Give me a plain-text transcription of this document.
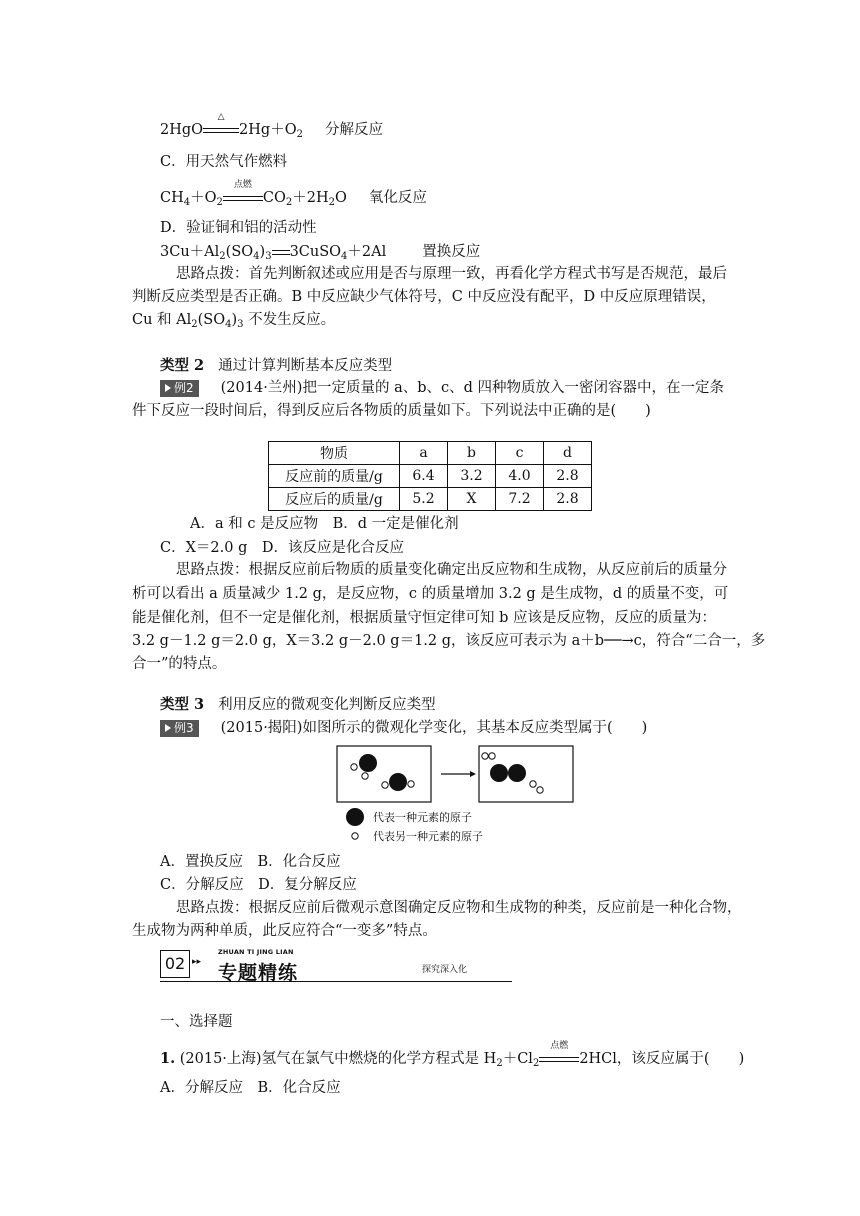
2HgO
△
$2Hg+O_2$ 分解反应
C．用天然气作燃料
$CH_4+O_2$
点燃
$CO_2+2H_2O$ 氧化反应
D．验证铜和铝的活动性
$3Cu+Al_2(SO_4)_3$ 3CuSO$_4$＋2Al 置换反应
思路点拨：首先判断叙述或应用是否与原理一致，再看化学方程式书写是否规范，最后
判断反应类型是否正确。B 中反应缺少气体符号，C 中反应没有配平，D 中反应原理错误，
Cu 和 $Al_2(SO_4)_3$ 不发生反应。
类型 2 通过计算判断基本反应类型
例2 (2014·兰州)把一定质量的 a、b、c、d 四种物质放入一密闭容器中，在一定条
件下反应一段时间后，得到反应后各物质的质量如下。下列说法中正确的是(　　)
物质	a	b	c	d
反应前的质量/g	6.4	3.2	4.0	2.8
反应后的质量/g	5.2	X	7.2	2.8
A．a 和 c 是反应物　B．d 一定是催化剂
C．X＝2.0 g　D．该反应是化合反应
思路点拨：根据反应前后物质的质量变化确定出反应物和生成物，从反应前后的质量分
析可以看出 a 质量减少 1.2 g，是反应物，c 的质量增加 3.2 g 是生成物，d 的质量不变，可
能是催化剂，但不一定是催化剂，根据质量守恒定律可知 b 应该是反应物，反应的质量为：
3.2 g－1.2 g＝2.0 g，X＝3.2 g－2.0 g＝1.2 g，该反应可表示为 a＋b──→c，符合“二合一，多
合一”的特点。
类型 3 利用反应的微观变化判断反应类型
例3 (2015·揭阳)如图所示的微观化学变化，其基本反应类型属于(　　)
代表一种元素的原子
代表另一种元素的原子
A．置换反应　B．化合反应
C．分解反应　D．复分解反应
思路点拨：根据反应前后微观示意图确定反应物和生成物的种类，反应前是一种化合物，
生成物为两种单质，此反应符合“一变多”特点。
02 ▸▸
ZHUAN TI JING LIAN
专题精练	探究深入化
一、选择题
1. (2015·上海)氢气在氯气中燃烧的化学方程式是 $H_2+Cl_2$
点燃
2HCl，该反应属于(　　)
A．分解反应　B．化合反应
